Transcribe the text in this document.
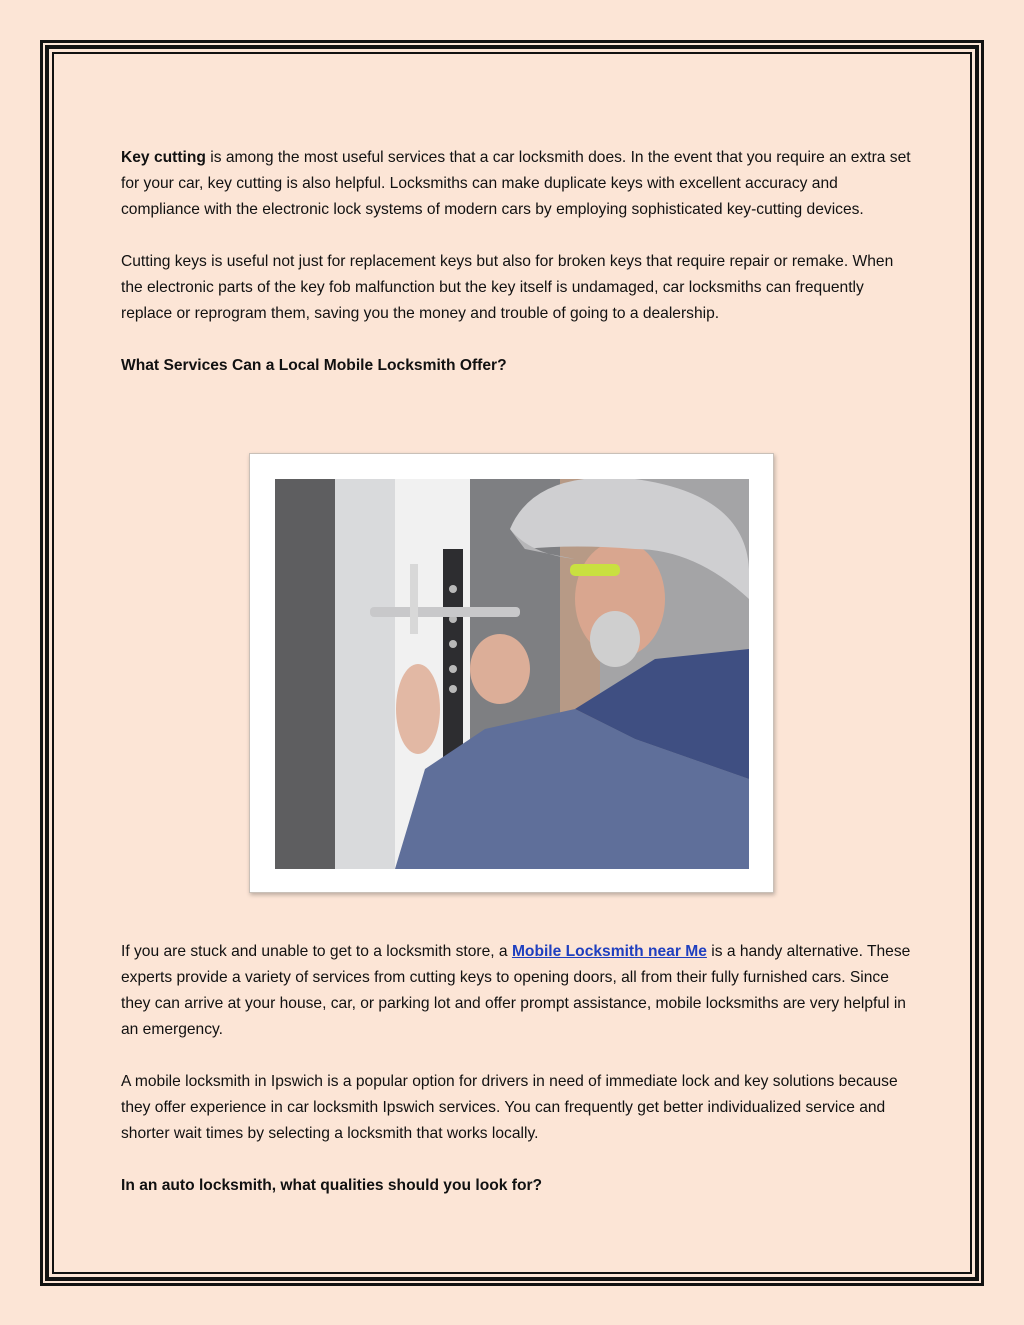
Key cutting is among the most useful services that a car locksmith does. In the event that you require an extra set for your car, key cutting is also helpful. Locksmiths can make duplicate keys with excellent accuracy and compliance with the electronic lock systems of modern cars by employing sophisticated key-cutting devices.

Cutting keys is useful not just for replacement keys but also for broken keys that require repair or remake. When the electronic parts of the key fob malfunction but the key itself is undamaged, car locksmiths can frequently replace or reprogram them, saving you the money and trouble of going to a dealership.

What Services Can a Local Mobile Locksmith Offer?

If you are stuck and unable to get to a locksmith store, a Mobile Locksmith near Me is a handy alternative. These experts provide a variety of services from cutting keys to opening doors, all from their fully furnished cars. Since they can arrive at your house, car, or parking lot and offer prompt assistance, mobile locksmiths are very helpful in an emergency.

A mobile locksmith in Ipswich is a popular option for drivers in need of immediate lock and key solutions because they offer experience in car locksmith Ipswich services. You can frequently get better individualized service and shorter wait times by selecting a locksmith that works locally.

In an auto locksmith, what qualities should you look for?
